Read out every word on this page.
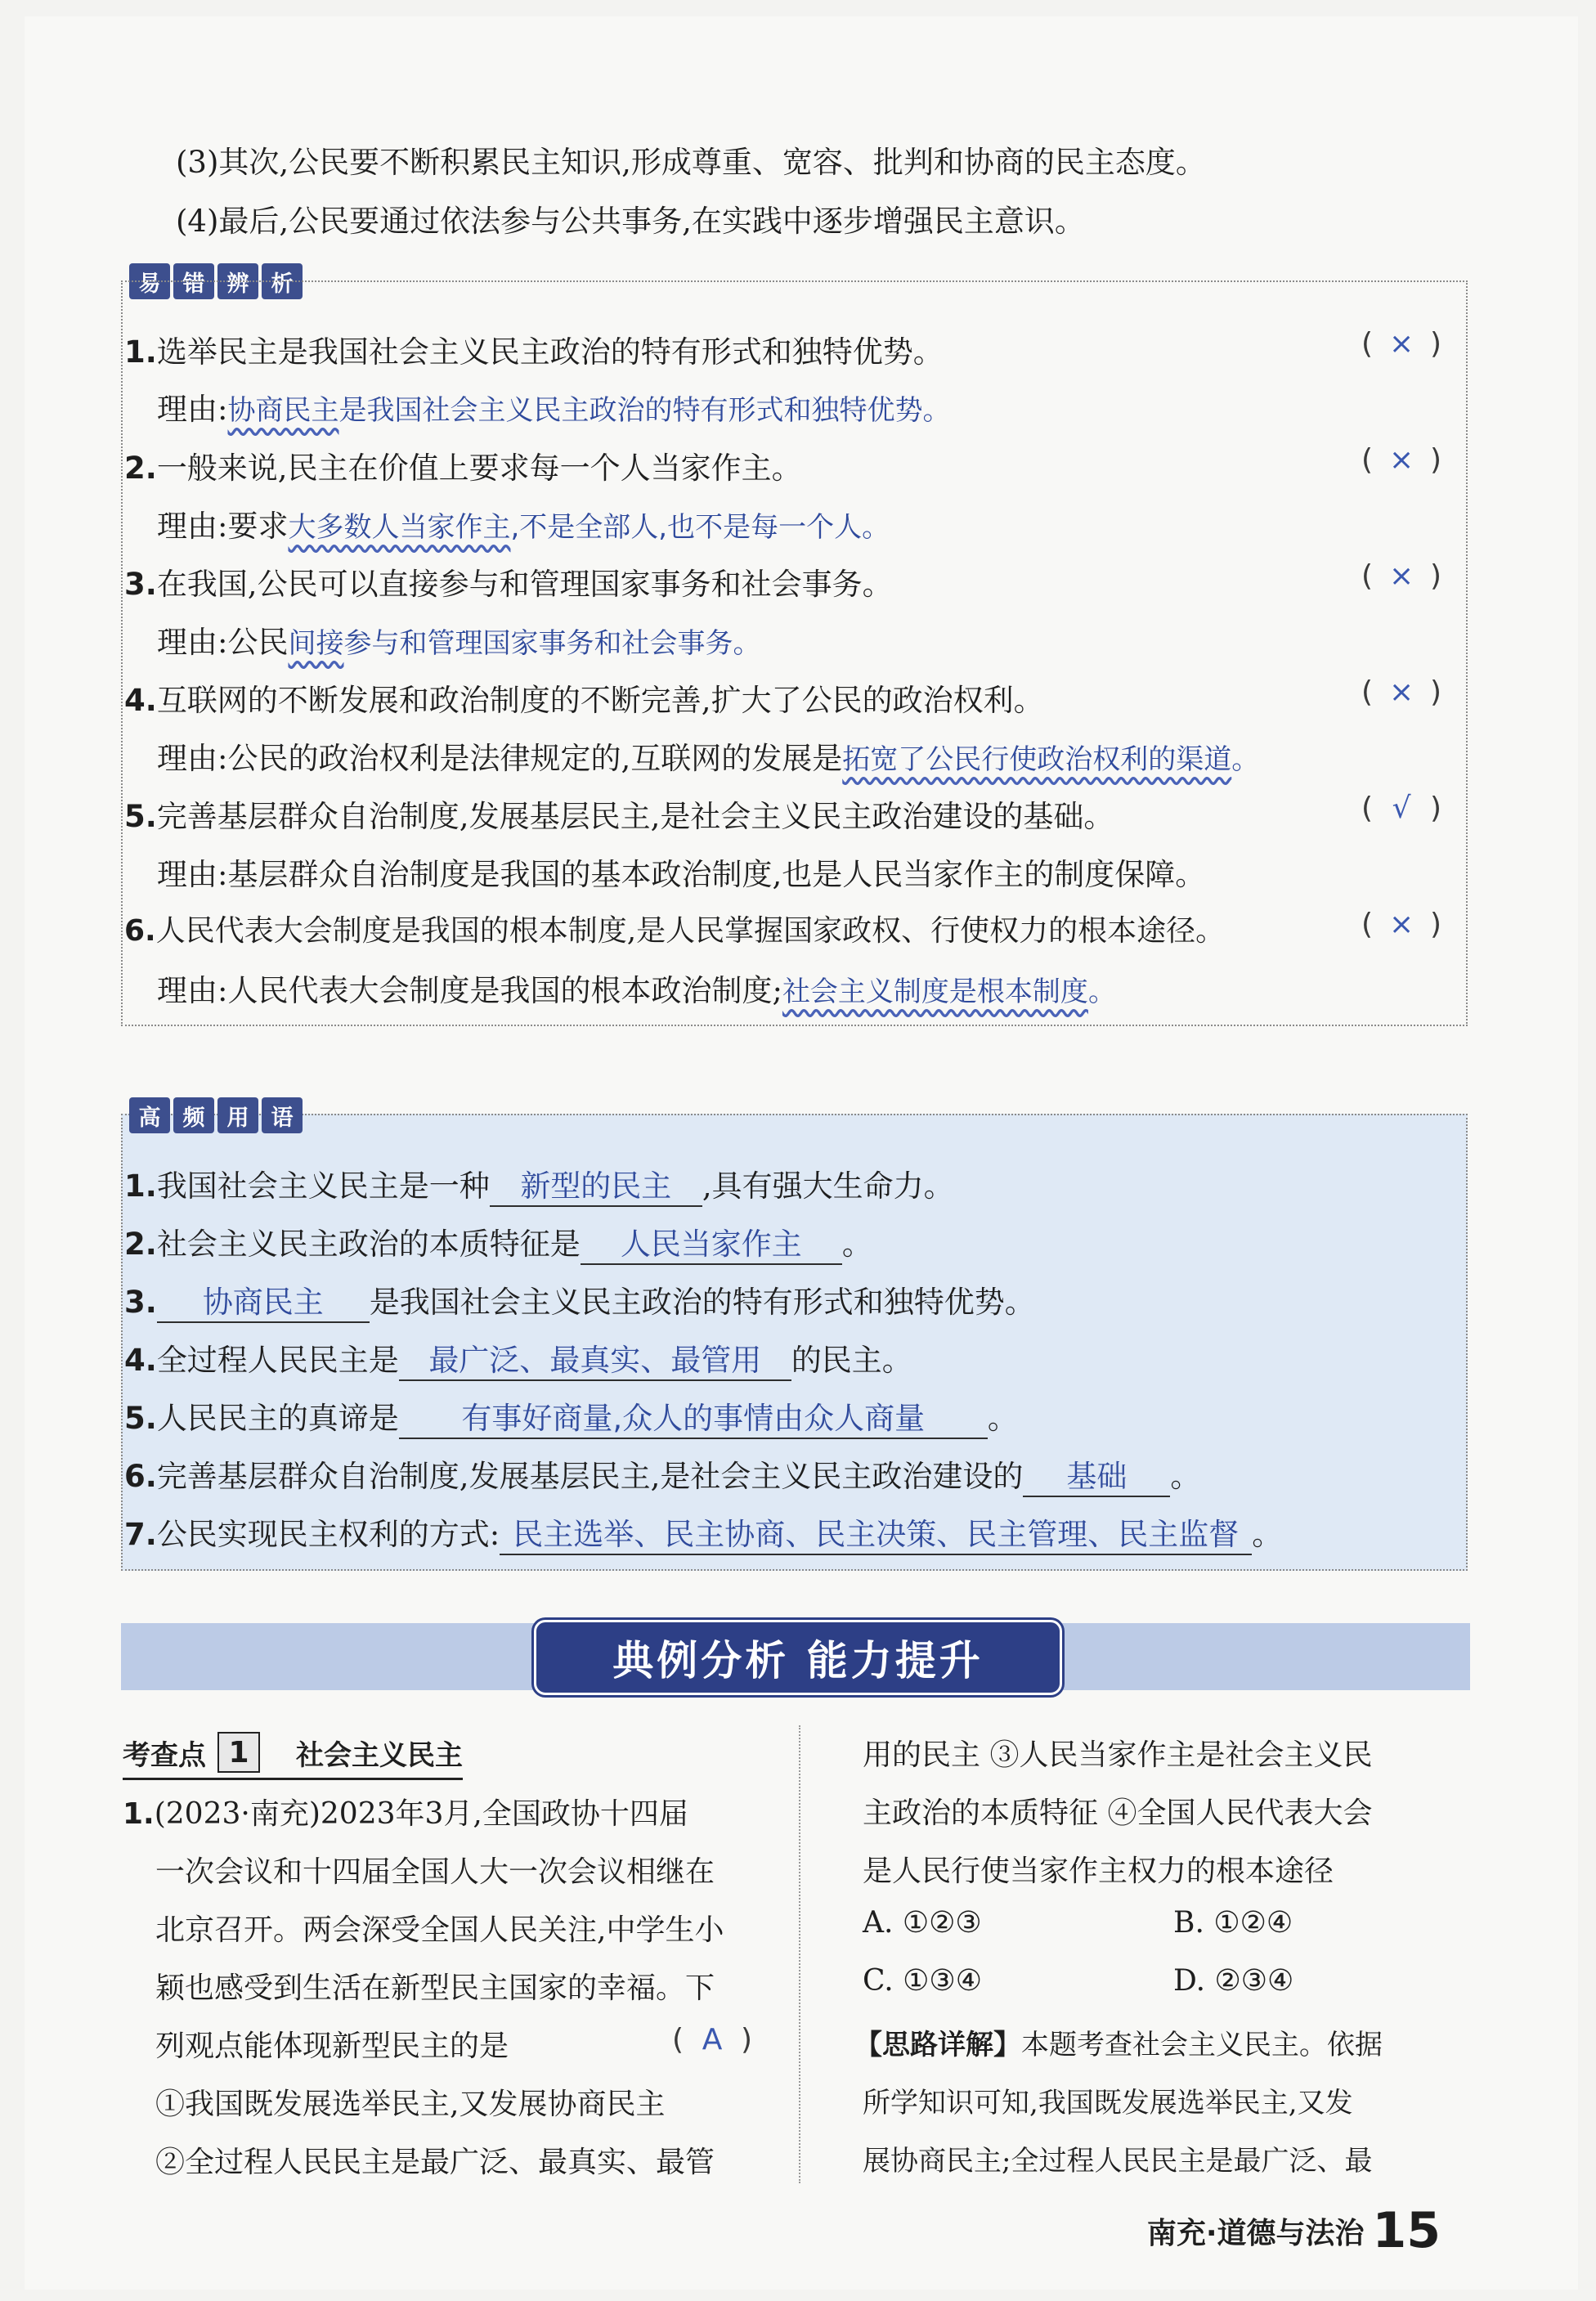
(3)其次,公民要不断积累民主知识,形成尊重、宽容、批判和协商的民主态度。
(4)最后,公民要通过依法参与公共事务,在实践中逐步增强民主意识。
易	错	辨	析
1.选举民主是我国社会主义民主政治的特有形式和独特优势。	( × )
理由:协商民主是我国社会主义民主政治的特有形式和独特优势。
2.一般来说,民主在价值上要求每一个人当家作主。	( × )
理由:要求大多数人当家作主,不是全部人,也不是每一个人。
3.在我国,公民可以直接参与和管理国家事务和社会事务。	( × )
理由:公民间接参与和管理国家事务和社会事务。
4.互联网的不断发展和政治制度的不断完善,扩大了公民的政治权利。	( × )
理由:公民的政治权利是法律规定的,互联网的发展是拓宽了公民行使政治权利的渠道。
5.完善基层群众自治制度,发展基层民主,是社会主义民主政治建设的基础。	( √ )
理由:基层群众自治制度是我国的基本政治制度,也是人民当家作主的制度保障。
6.人民代表大会制度是我国的根本制度,是人民掌握国家政权、行使权力的根本途径。	( × )
理由:人民代表大会制度是我国的根本政治制度;社会主义制度是根本制度。
高	频	用	语
1.我国社会主义民主是一种 新型的民主 ,具有强大生命力。
2.社会主义民主政治的本质特征是 人民当家作主 。
3. 协商民主 是我国社会主义民主政治的特有形式和独特优势。
4.全过程人民民主是 最广泛、最真实、最管用 的民主。
5.人民民主的真谛是 有事好商量,众人的事情由众人商量 。
6.完善基层群众自治制度,发展基层民主,是社会主义民主政治建设的 基础 。
7.公民实现民主权利的方式: 民主选举、民主协商、民主决策、民主管理、民主监督 。
典例分析 能力提升
考查点 1	社会主义民主
1.(2023·南充)2023年3月,全国政协十四届
一次会议和十四届全国人大一次会议相继在
北京召开。两会深受全国人民关注,中学生小
颖也感受到生活在新型民主国家的幸福。下
列观点能体现新型民主的是	( A )
①我国既发展选举民主,又发展协商民主
②全过程人民民主是最广泛、最真实、最管
用的民主 ③人民当家作主是社会主义民
主政治的本质特征 ④全国人民代表大会
是人民行使当家作主权力的根本途径
A. ①②③	B. ①②④
C. ①③④	D. ②③④
【思路详解】本题考查社会主义民主。依据
所学知识可知,我国既发展选举民主,又发
展协商民主;全过程人民民主是最广泛、最
南充·道德与法治 15
